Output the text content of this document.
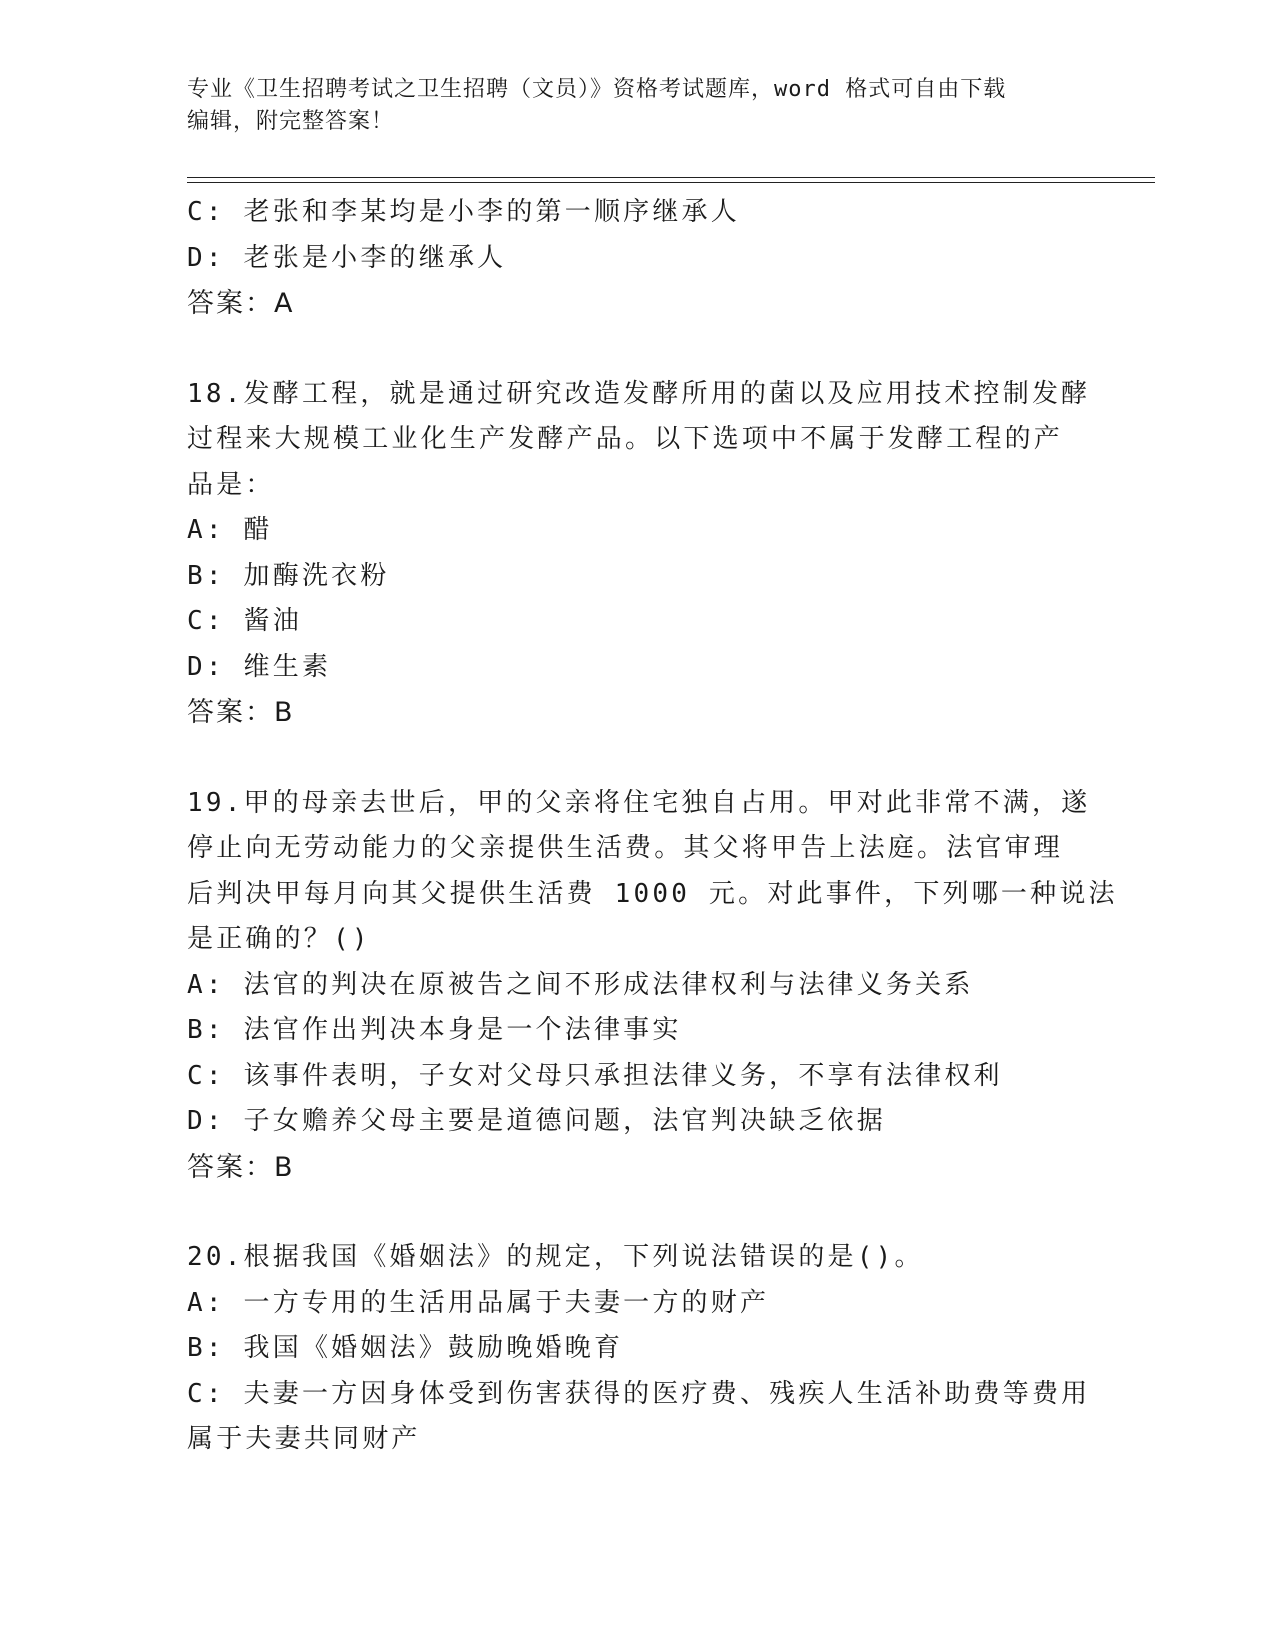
专业《卫生招聘考试之卫生招聘（文员）》资格考试题库，word 格式可自由下载
编辑，附完整答案！
C: 老张和李某均是小李的第一顺序继承人
D: 老张是小李的继承人
答案：A
18.发酵工程，就是通过研究改造发酵所用的菌以及应用技术控制发酵
过程来大规模工业化生产发酵产品。以下选项中不属于发酵工程的产
品是：
A: 醋
B: 加酶洗衣粉
C: 酱油
D: 维生素
答案：B
19.甲的母亲去世后，甲的父亲将住宅独自占用。甲对此非常不满，遂
停止向无劳动能力的父亲提供生活费。其父将甲告上法庭。法官审理
后判决甲每月向其父提供生活费 1000 元。对此事件，下列哪一种说法
是正确的？()
A: 法官的判决在原被告之间不形成法律权利与法律义务关系
B: 法官作出判决本身是一个法律事实
C: 该事件表明，子女对父母只承担法律义务，不享有法律权利
D: 子女赡养父母主要是道德问题，法官判决缺乏依据
答案：B
20.根据我国《婚姻法》的规定，下列说法错误的是()。
A: 一方专用的生活用品属于夫妻一方的财产
B: 我国《婚姻法》鼓励晚婚晚育
C: 夫妻一方因身体受到伤害获得的医疗费、残疾人生活补助费等费用
属于夫妻共同财产
